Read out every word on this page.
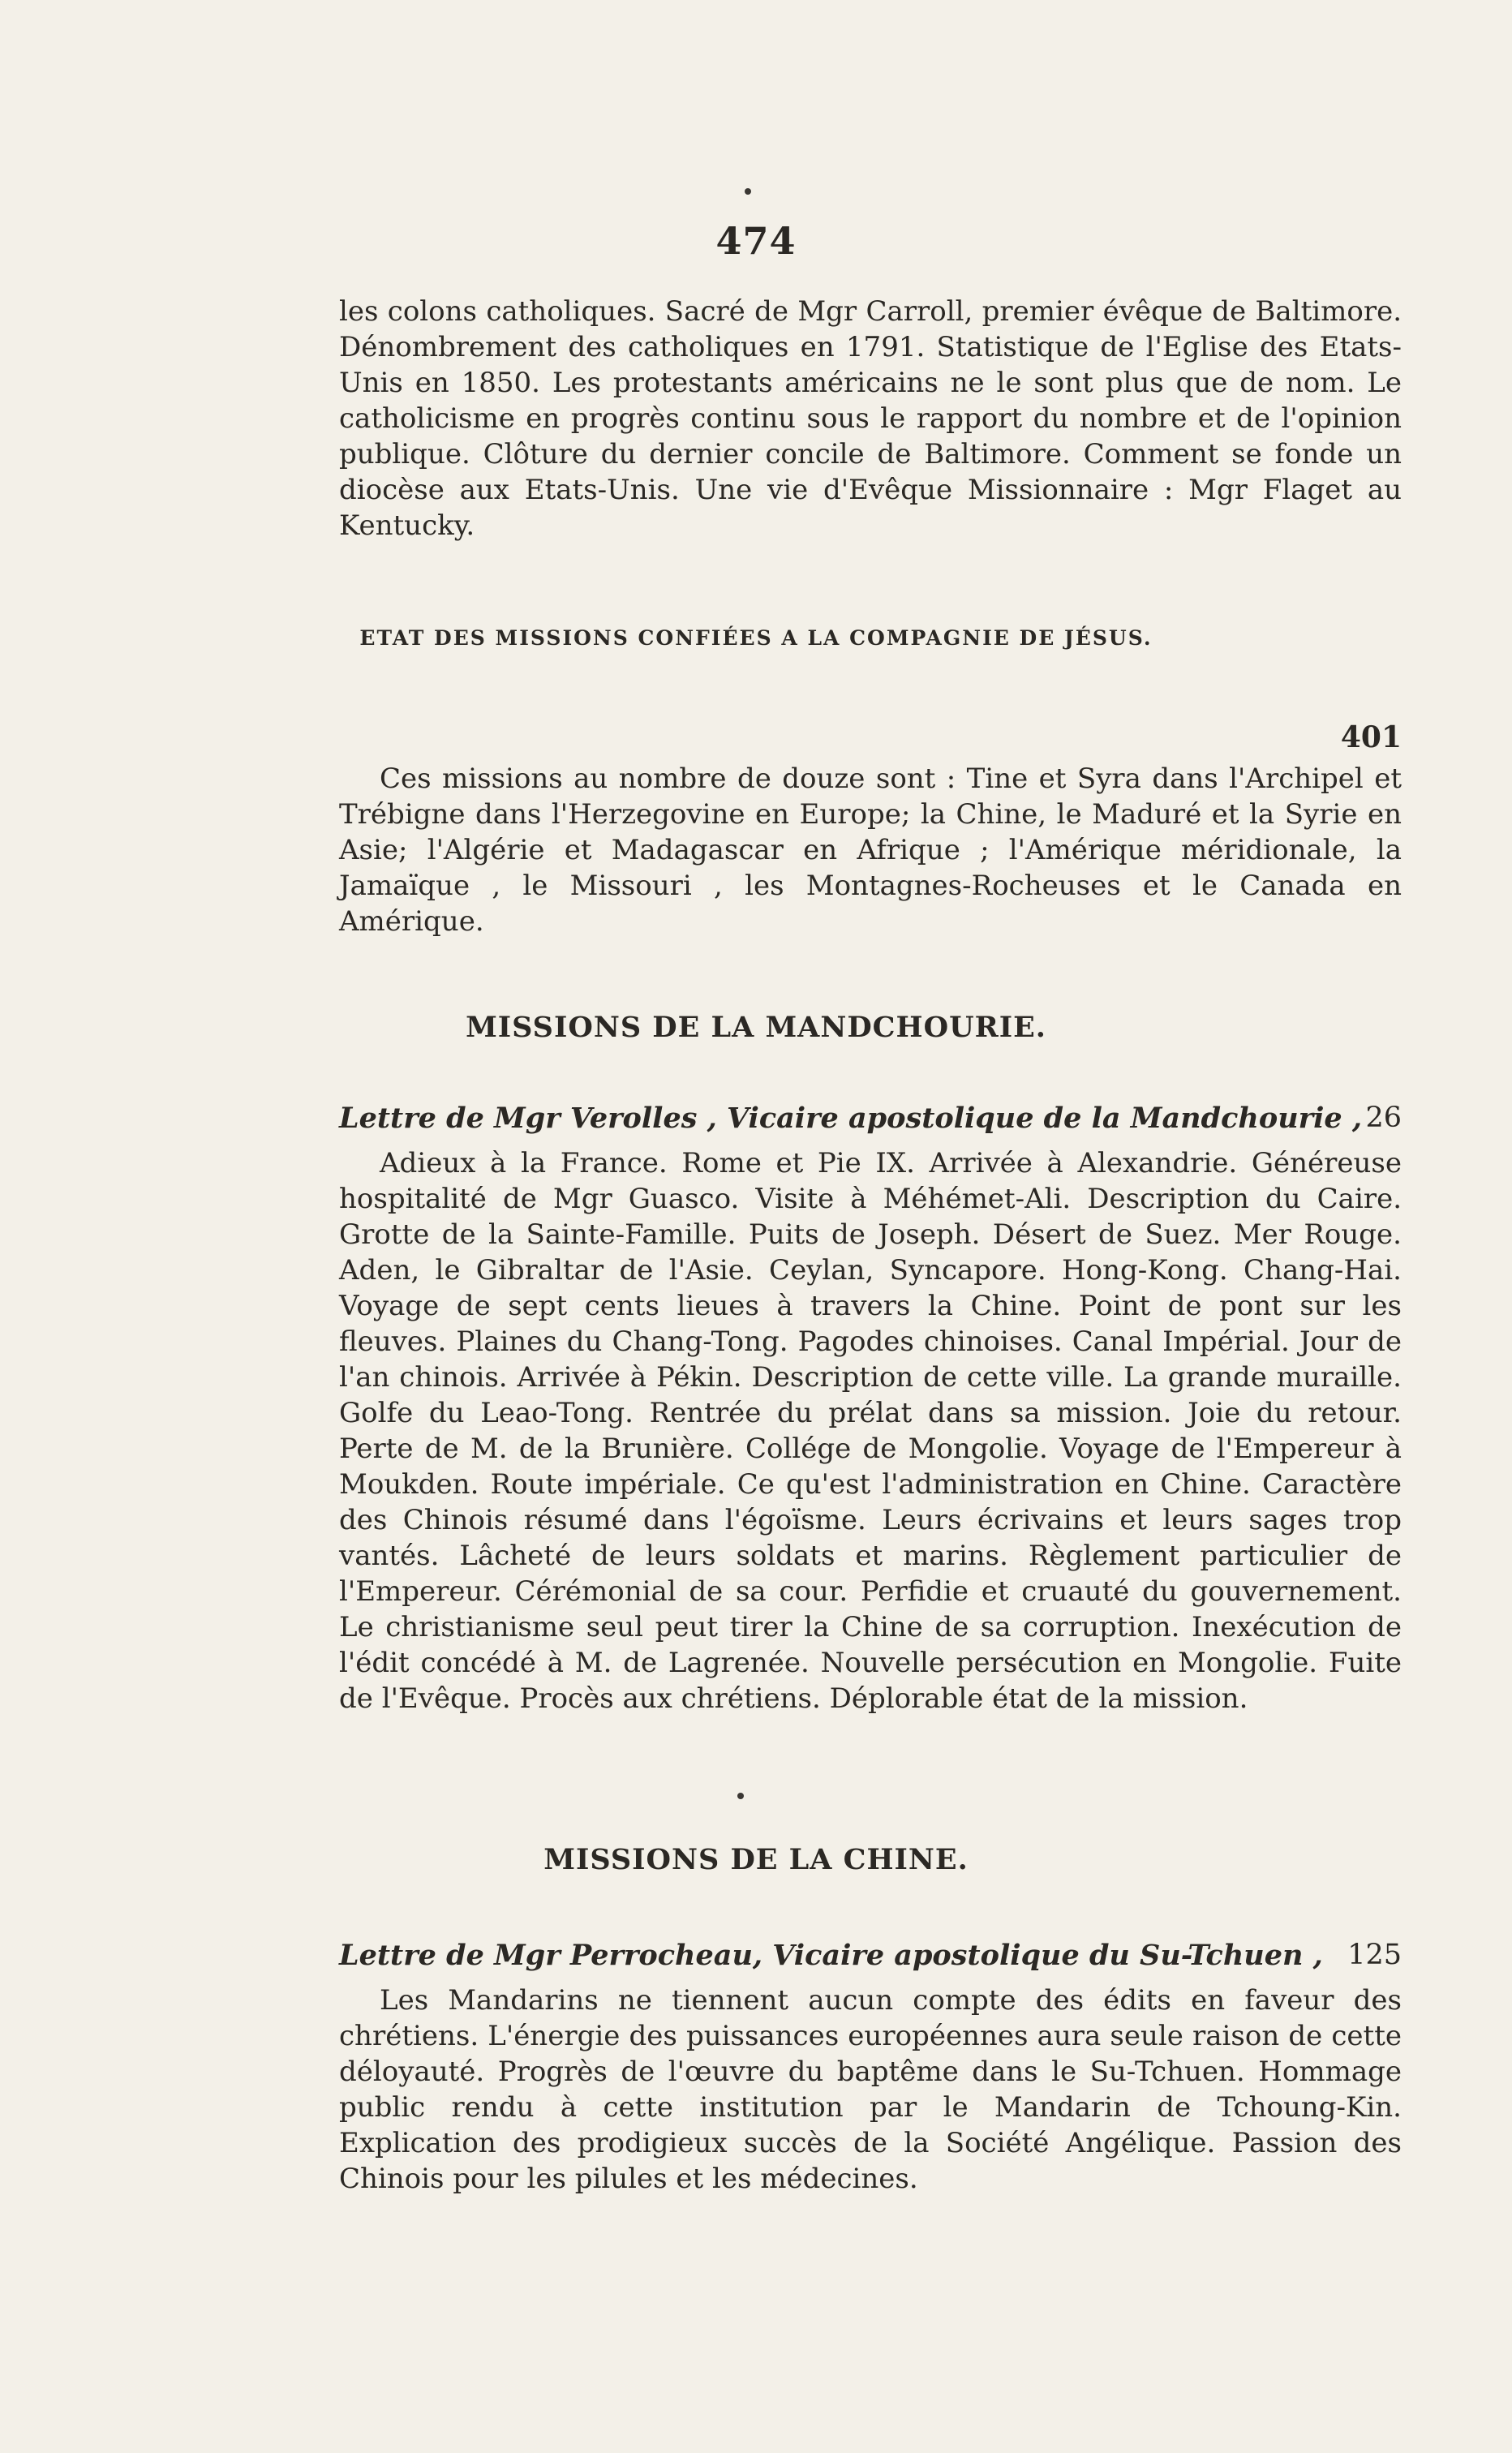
474

les colons catholiques. Sacré de Mgr Carroll, premier évêque de Baltimore. Dénombrement des catholiques en 1791. Statistique de l'Eglise des Etats-Unis en 1850. Les protestants américains ne le sont plus que de nom. Le catholicisme en progrès continu sous le rapport du nombre et de l'opinion publique. Clôture du dernier concile de Baltimore. Comment se fonde un diocèse aux Etats-Unis. Une vie d'Evêque Missionnaire : Mgr Flaget au Kentucky.

ETAT DES MISSIONS CONFIÉES A LA COMPAGNIE DE JÉSUS.
401

Ces missions au nombre de douze sont : Tine et Syra dans l'Archipel et Trébigne dans l'Herzegovine en Europe; la Chine, le Maduré et la Syrie en Asie; l'Algérie et Madagascar en Afrique ; l'Amérique méridionale, la Jamaïque , le Missouri , les Montagnes-Rocheuses et le Canada en Amérique.

MISSIONS DE LA MANDCHOURIE.
Lettre de Mgr Verolles , Vicaire apostolique de la Mandchourie , 26

Adieux à la France. Rome et Pie IX. Arrivée à Alexandrie. Généreuse hospitalité de Mgr Guasco. Visite à Méhémet-Ali. Description du Caire. Grotte de la Sainte-Famille. Puits de Joseph. Désert de Suez. Mer Rouge. Aden, le Gibraltar de l'Asie. Ceylan, Syncapore. Hong-Kong. Chang-Hai. Voyage de sept cents lieues à travers la Chine. Point de pont sur les fleuves. Plaines du Chang-Tong. Pagodes chinoises. Canal Impérial. Jour de l'an chinois. Arrivée à Pékin. Description de cette ville. La grande muraille. Golfe du Leao-Tong. Rentrée du prélat dans sa mission. Joie du retour. Perte de M. de la Brunière. Collége de Mongolie. Voyage de l'Empereur à Moukden. Route impériale. Ce qu'est l'administration en Chine. Caractère des Chinois résumé dans l'égoïsme. Leurs écrivains et leurs sages trop vantés. Lâcheté de leurs soldats et marins. Règlement particulier de l'Empereur. Cérémonial de sa cour. Perfidie et cruauté du gouvernement. Le christianisme seul peut tirer la Chine de sa corruption. Inexécution de l'édit concédé à M. de Lagrenée. Nouvelle persécution en Mongolie. Fuite de l'Evêque. Procès aux chrétiens. Déplorable état de la mission.

MISSIONS DE LA CHINE.
Lettre de Mgr Perrocheau, Vicaire apostolique du Su-Tchuen , 125

Les Mandarins ne tiennent aucun compte des édits en faveur des chrétiens. L'énergie des puissances européennes aura seule raison de cette déloyauté. Progrès de l'œuvre du baptême dans le Su-Tchuen. Hommage public rendu à cette institution par le Mandarin de Tchoung-Kin. Explication des prodigieux succès de la Société Angélique. Passion des Chinois pour les pilules et les médecines.
